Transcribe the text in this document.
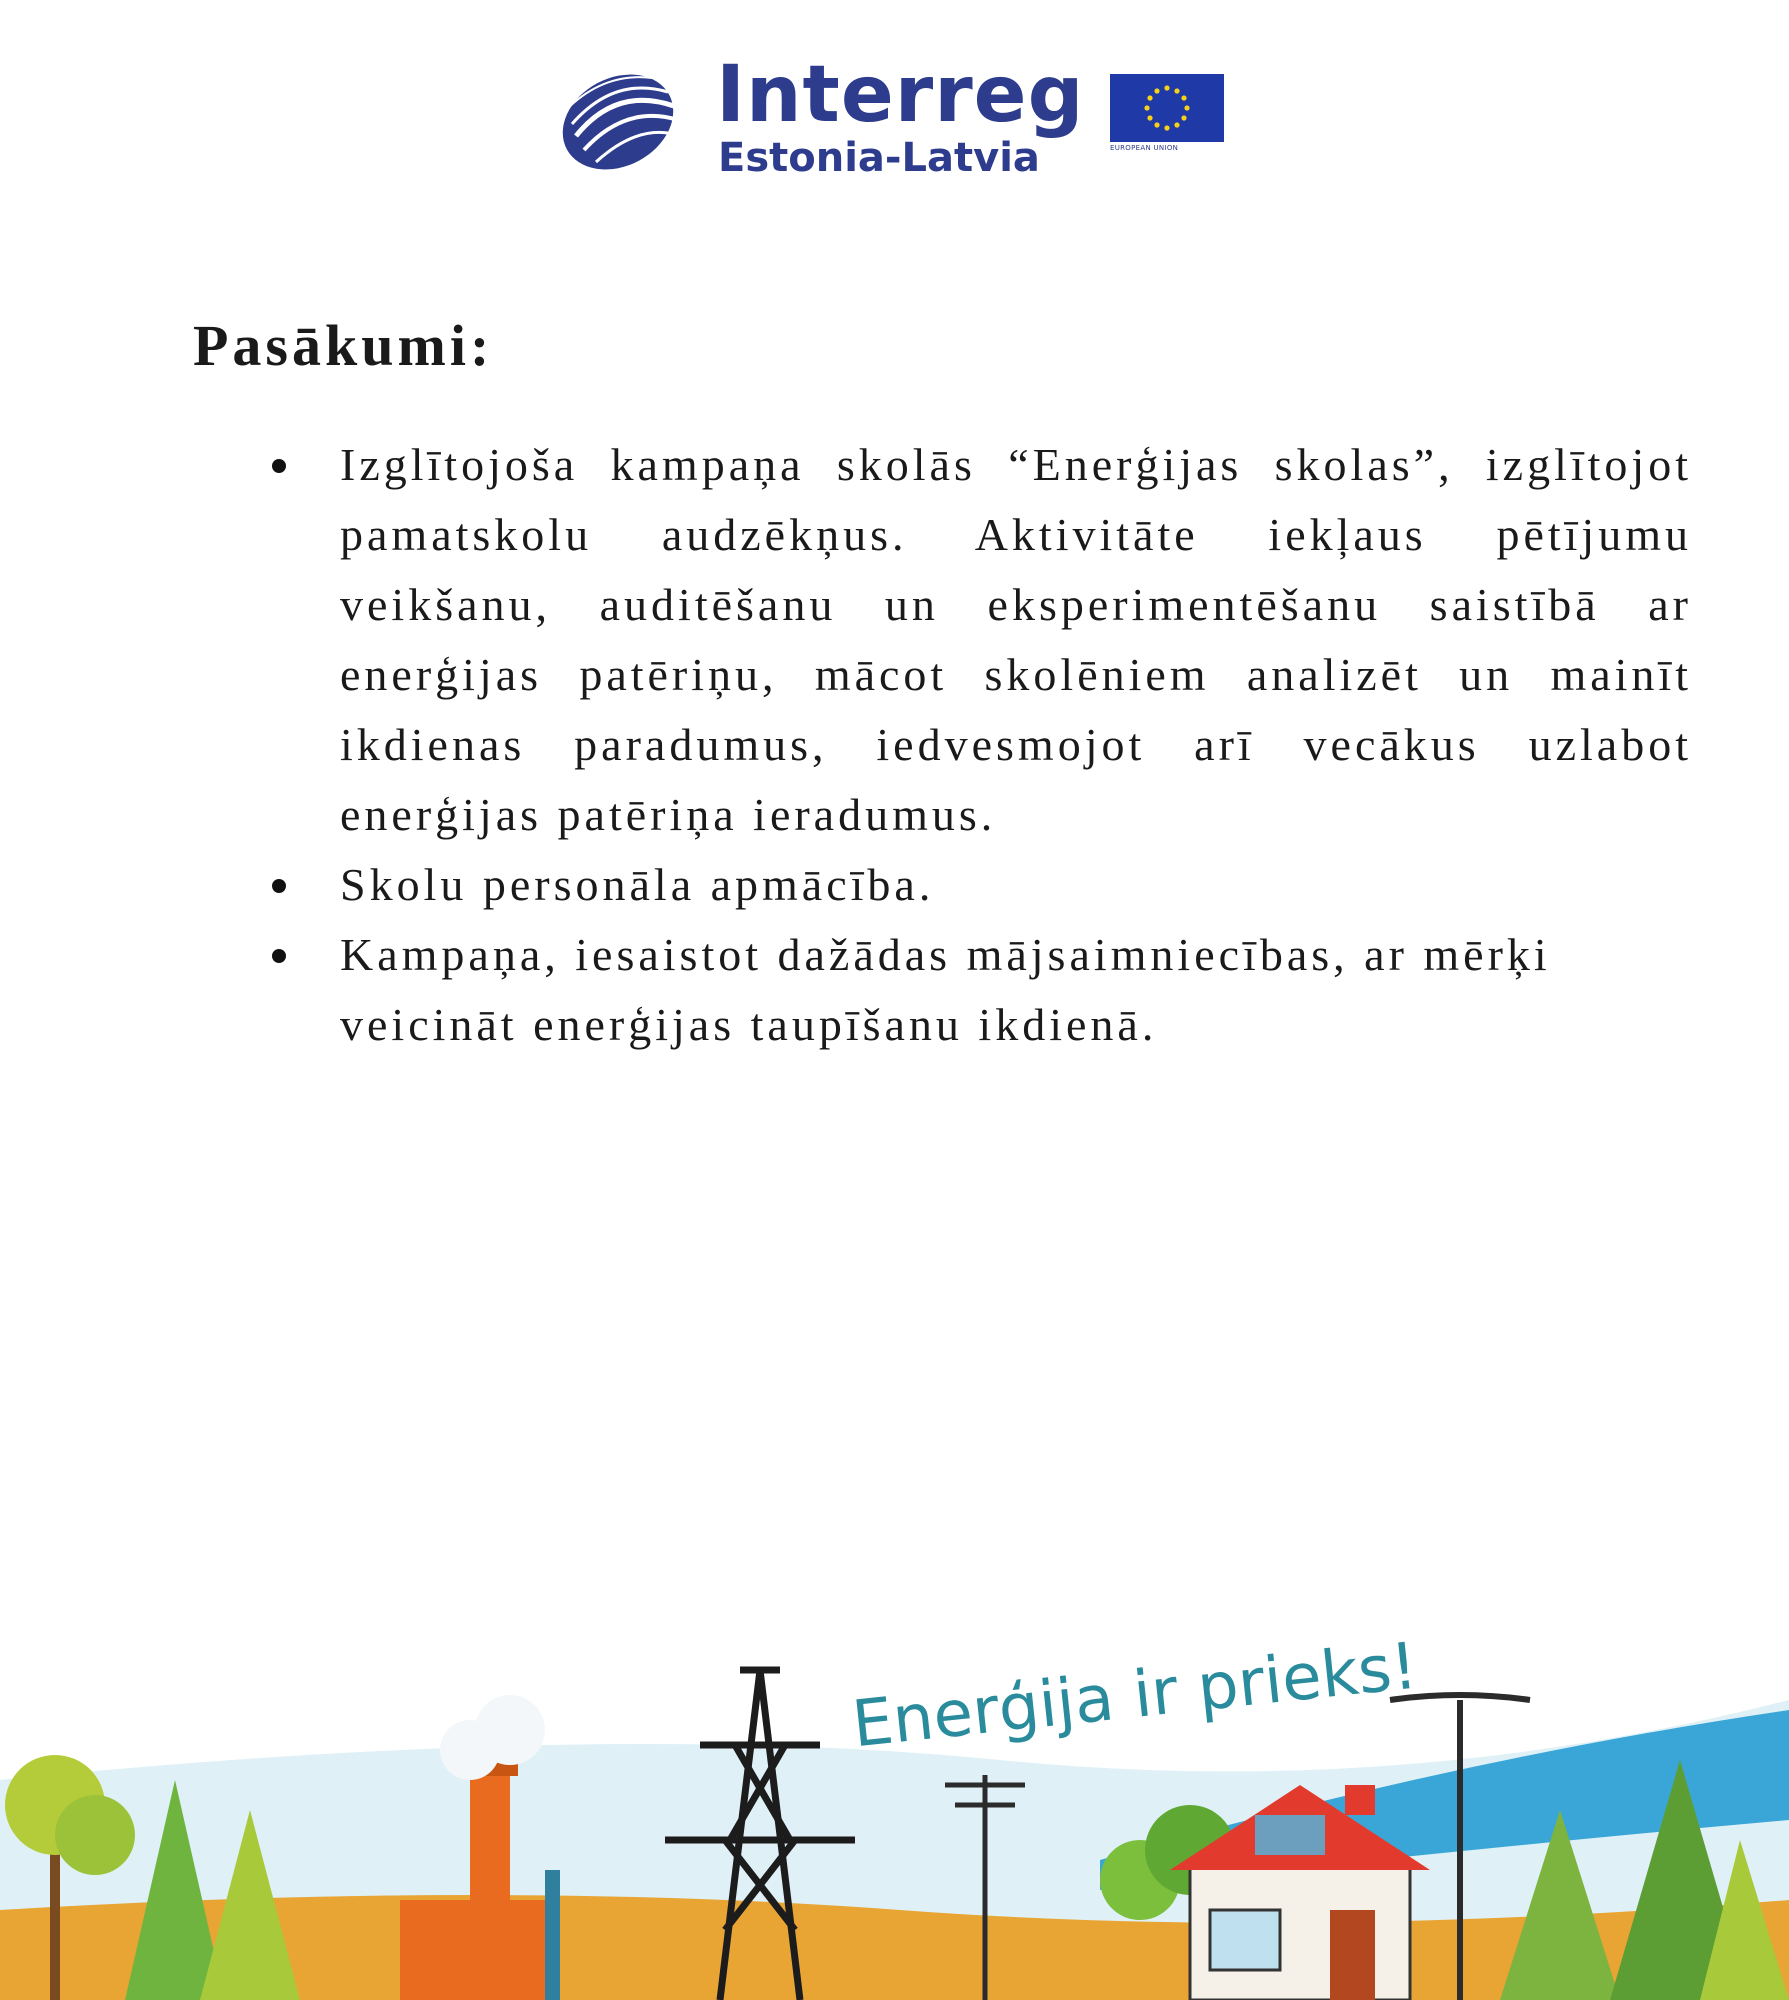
Interreg
Estonia-Latvia	EUROPEAN UNION
Pasākumi:
Izglītojoša kampaņa skolās “Enerģijas skolas”, izglītojot pamatskolu audzēkņus. Aktivitāte iekļaus pētījumu veikšanu, auditēšanu un eksperimentēšanu saistībā ar enerģijas patēriņu, mācot skolēniem analizēt un mainīt ikdienas paradumus, iedvesmojot arī vecākus uzlabot enerģijas patēriņa ieradumus.
Skolu personāla apmācība.
Kampaņa, iesaistot dažādas mājsaimniecības, ar mērķi veicināt enerģijas taupīšanu ikdienā.
Enerģija ir prieks!
